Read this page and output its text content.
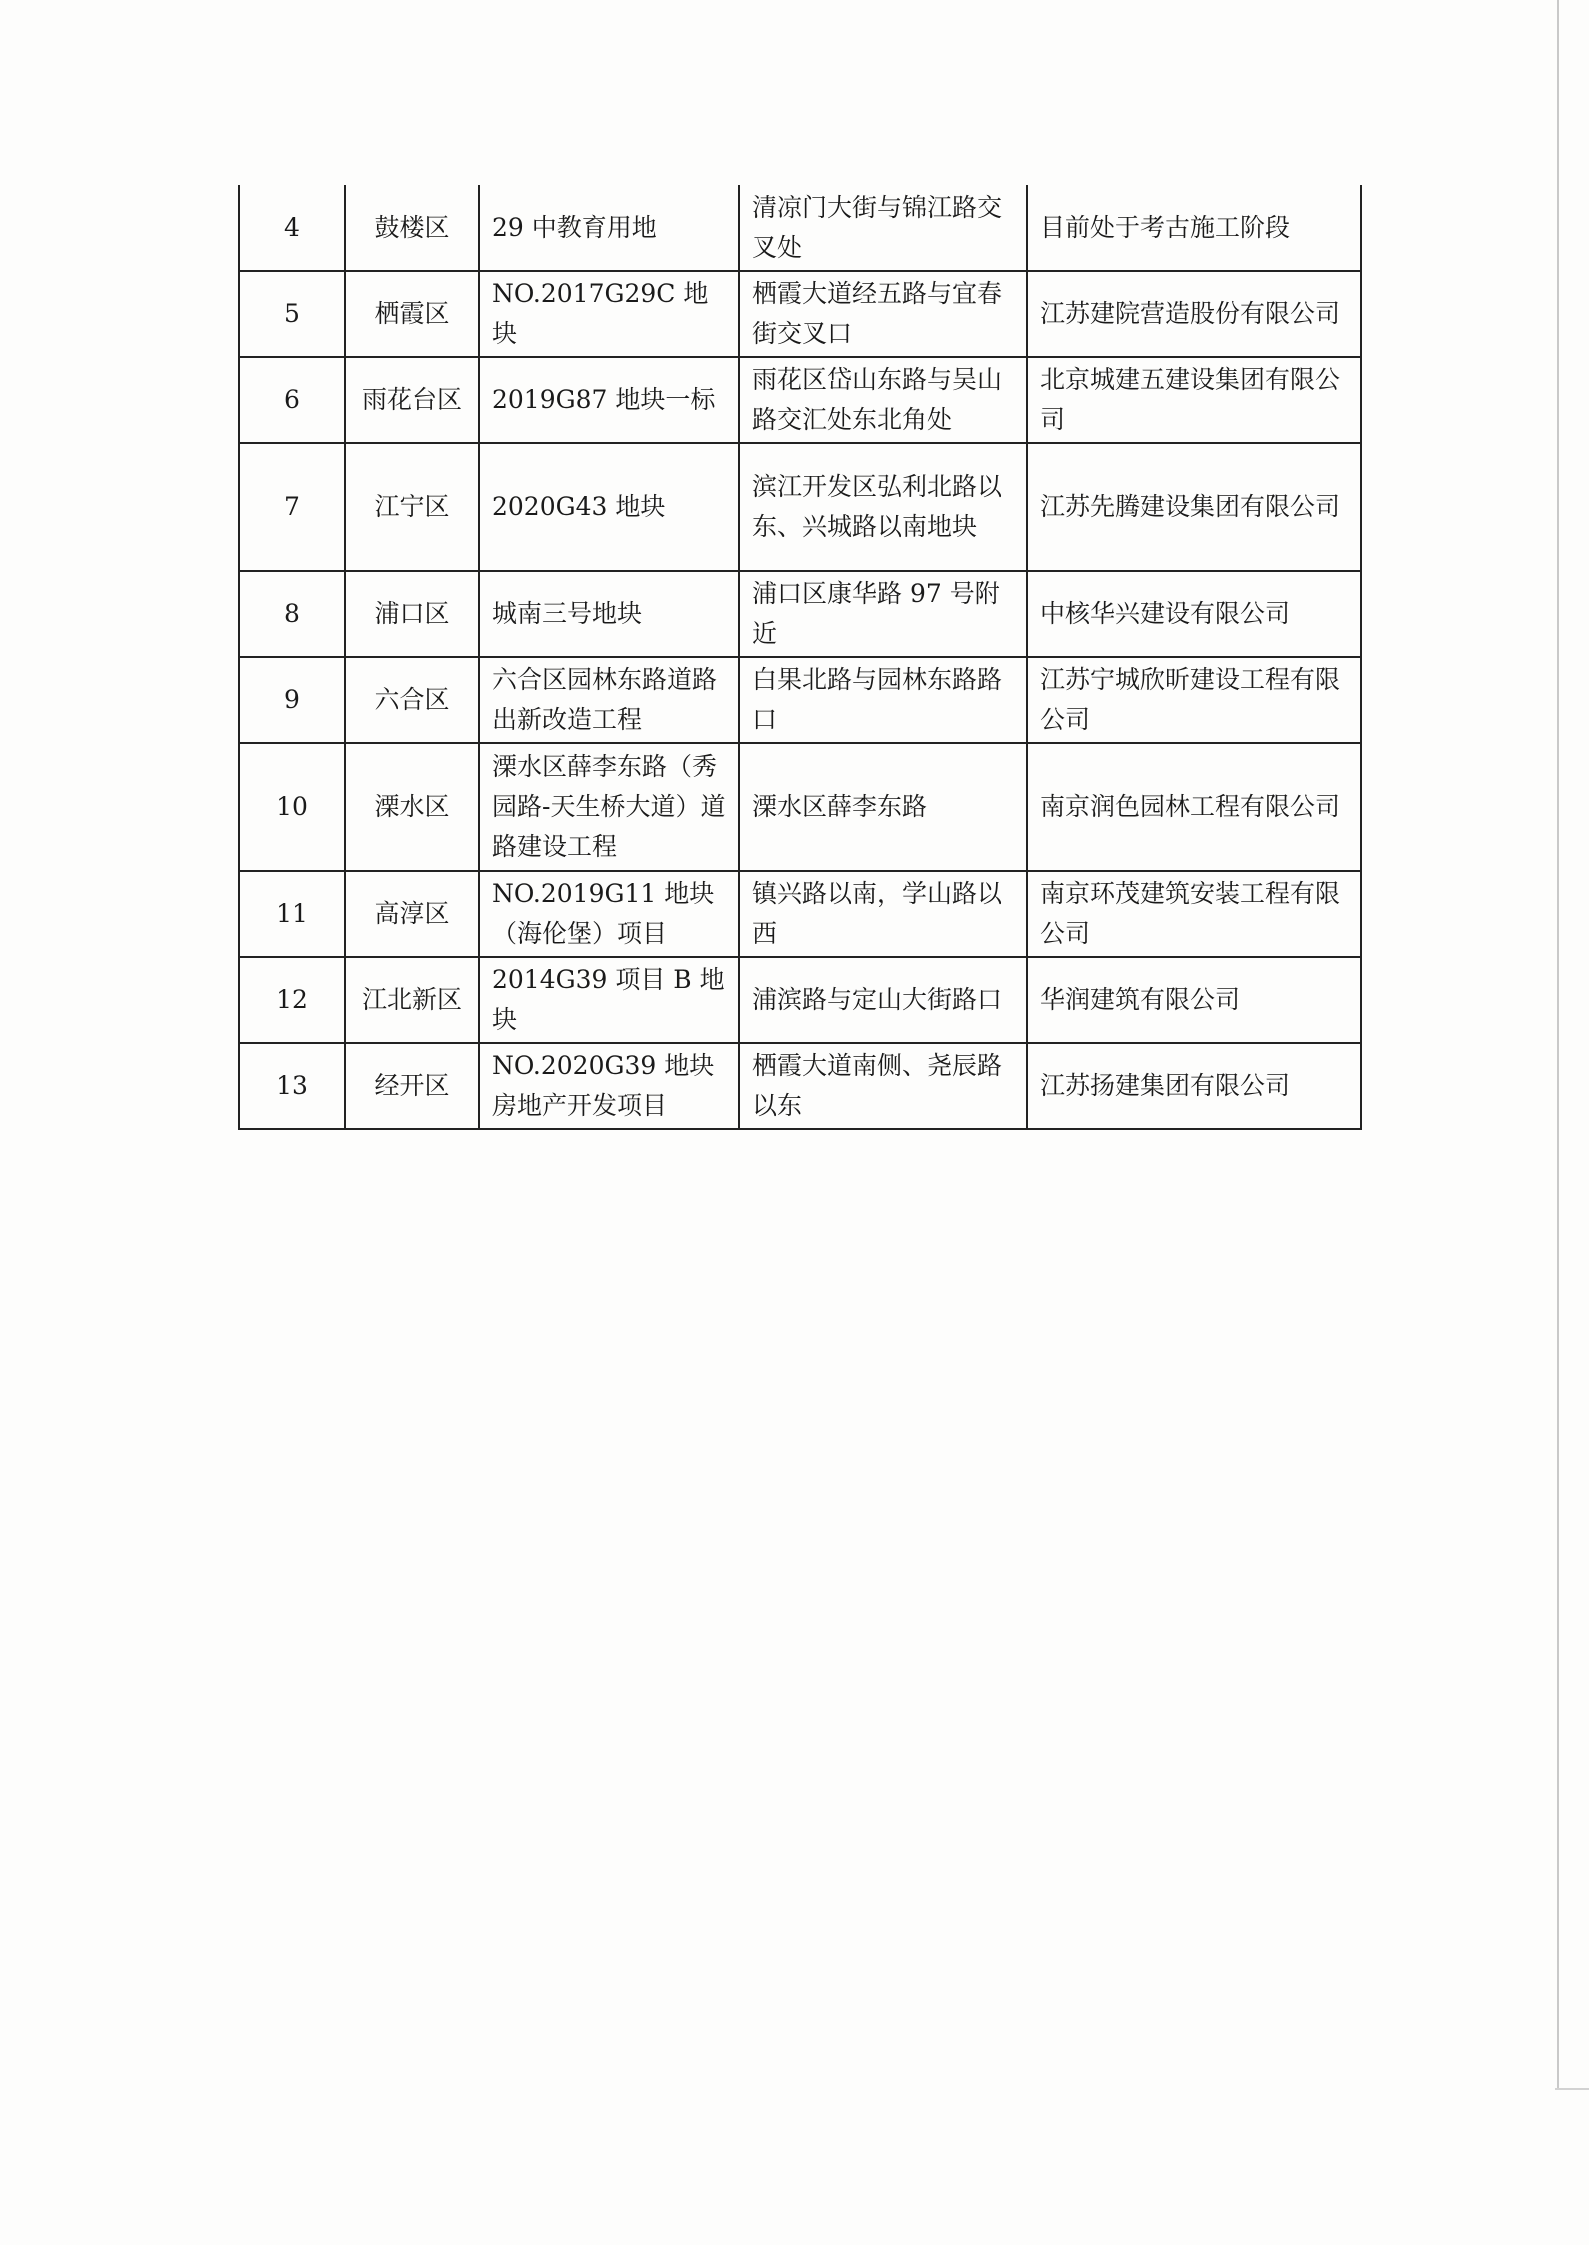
4	鼓楼区	29 中教育用地	清凉门大街与锦江路交叉处	目前处于考古施工阶段
5	栖霞区	NO.2017G29C 地块	栖霞大道经五路与宜春街交叉口	江苏建院营造股份有限公司
6	雨花台区	2019G87 地块一标	雨花区岱山东路与吴山路交汇处东北角处	北京城建五建设集团有限公司
7	江宁区	2020G43 地块	滨江开发区弘利北路以东、兴城路以南地块	江苏先腾建设集团有限公司
8	浦口区	城南三号地块	浦口区康华路 97 号附近	中核华兴建设有限公司
9	六合区	六合区园林东路道路出新改造工程	白果北路与园林东路路口	江苏宁城欣昕建设工程有限公司
10	溧水区	溧水区薛李东路（秀园路-天生桥大道）道路建设工程	溧水区薛李东路	南京润色园林工程有限公司
11	高淳区	NO.2019G11 地块（海伦堡）项目	镇兴路以南，学山路以西	南京环茂建筑安装工程有限公司
12	江北新区	2014G39 项目 B 地块	浦滨路与定山大街路口	华润建筑有限公司
13	经开区	NO.2020G39 地块房地产开发项目	栖霞大道南侧、尧辰路以东	江苏扬建集团有限公司
